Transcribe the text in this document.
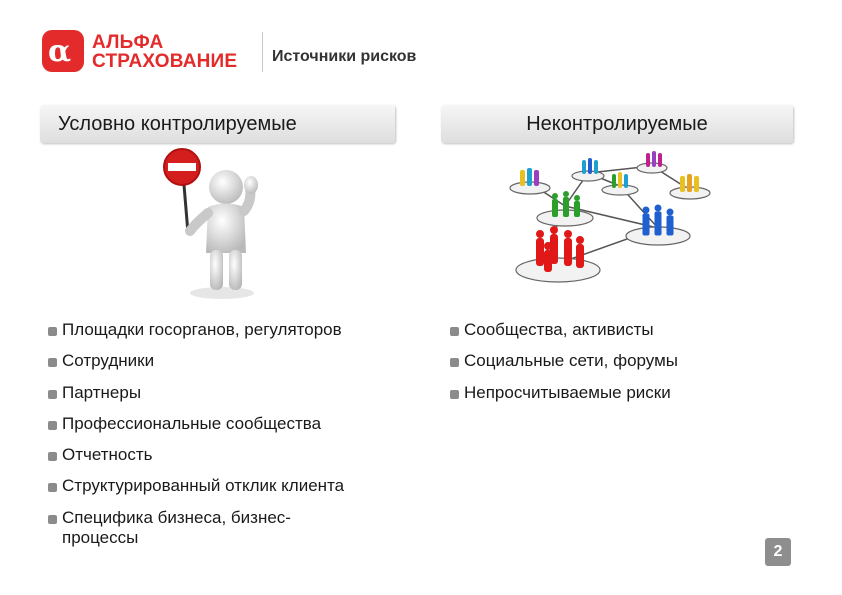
α АЛЬФА
СТРАХОВАНИЕ Источники рисков
Условно контролируемые	Неконтролируемые
Площадки госорганов, регуляторов
Сотрудники
Партнеры
Профессиональные сообщества
Отчетность
Структурированный отклик клиента
Специфика бизнеса, бизнес-процессы
Сообщества, активисты
Социальные сети, форумы
Непросчитываемые риски
2
